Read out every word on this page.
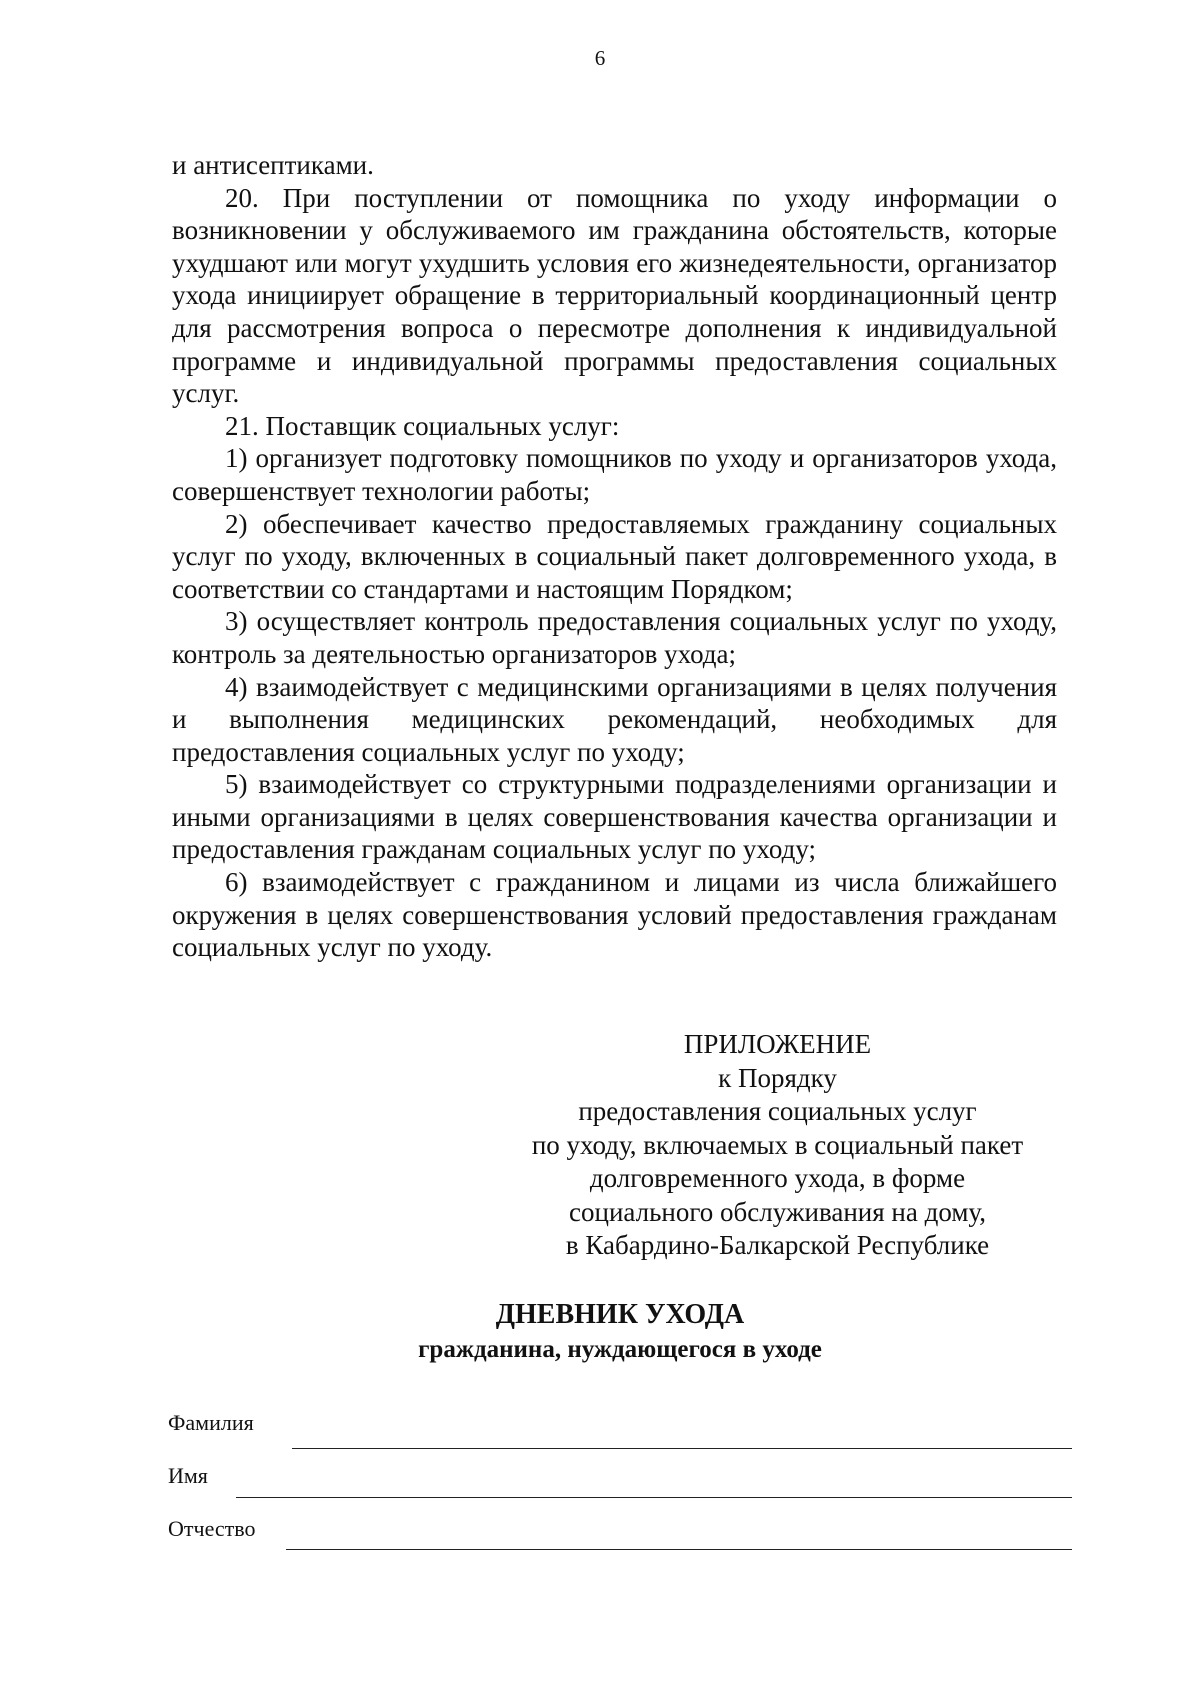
6

и антисептиками.

20. При поступлении от помощника по уходу информации о возникновении у обслуживаемого им гражданина обстоятельств, которые ухудшают или могут ухудшить условия его жизнедеятельности, организатор ухода инициирует обращение в территориальный координационный центр для рассмотрения вопроса о пересмотре дополнения к индивидуальной программе и индивидуальной программы предоставления социальных услуг.

21. Поставщик социальных услуг:

1) организует подготовку помощников по уходу и организаторов ухода, совершенствует технологии работы;

2) обеспечивает качество предоставляемых гражданину социальных услуг по уходу, включенных в социальный пакет долговременного ухода, в соответствии со стандартами и настоящим Порядком;

3) осуществляет контроль предоставления социальных услуг по уходу, контроль за деятельностью организаторов ухода;

4) взаимодействует с медицинскими организациями в целях получения и выполнения медицинских рекомендаций, необходимых для предоставления социальных услуг по уходу;

5) взаимодействует со структурными подразделениями организации и иными организациями в целях совершенствования качества организации и предоставления гражданам социальных услуг по уходу;

6) взаимодействует с гражданином и лицами из числа ближайшего окружения в целях совершенствования условий предоставления гражданам социальных услуг по уходу.

ПРИЛОЖЕНИЕ
к Порядку
предоставления социальных услуг
по уходу, включаемых в социальный пакет
долговременного ухода, в форме
социального обслуживания на дому,
в Кабардино-Балкарской Республике
ДНЕВНИК УХОДА
гражданина, нуждающегося в уходе
Фамилия
Имя
Отчество
